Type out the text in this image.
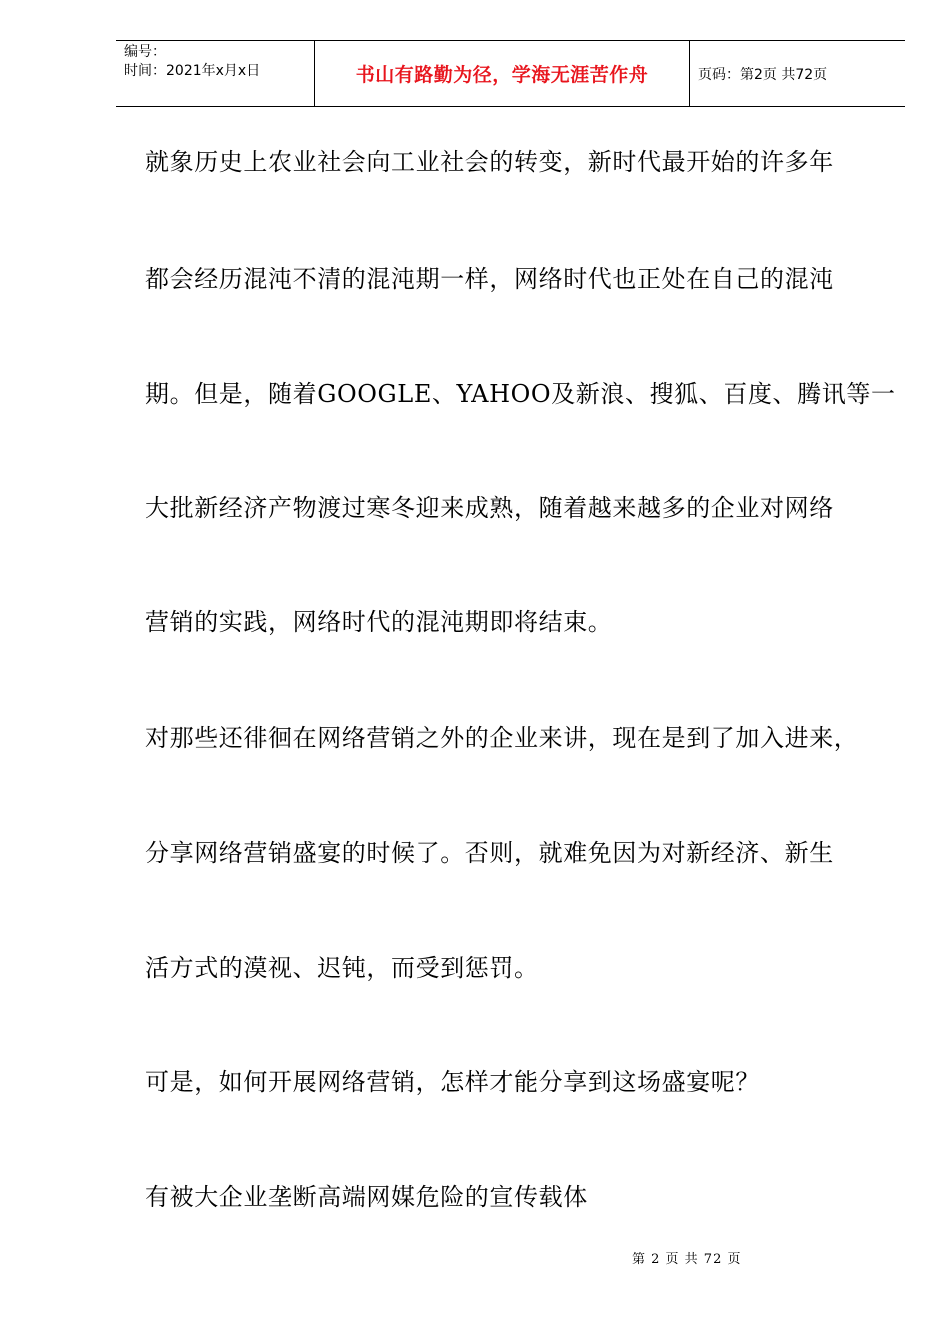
编号：
时间：2021年x月x日	书山有路勤为径，学海无涯苦作舟	页码：第2页 共72页
就象历史上农业社会向工业社会的转变，新时代最开始的许多年
都会经历混沌不清的混沌期一样，网络时代也正处在自己的混沌
期。但是，随着GOOGLE、YAHOO及新浪、搜狐、百度、腾讯等一
大批新经济产物渡过寒冬迎来成熟，随着越来越多的企业对网络
营销的实践，网络时代的混沌期即将结束。
对那些还徘徊在网络营销之外的企业来讲，现在是到了加入进来，
分享网络营销盛宴的时候了。否则，就难免因为对新经济、新生
活方式的漠视、迟钝，而受到惩罚。
可是，如何开展网络营销，怎样才能分享到这场盛宴呢？
有被大企业垄断高端网媒危险的宣传载体
第 2 页 共 72 页
